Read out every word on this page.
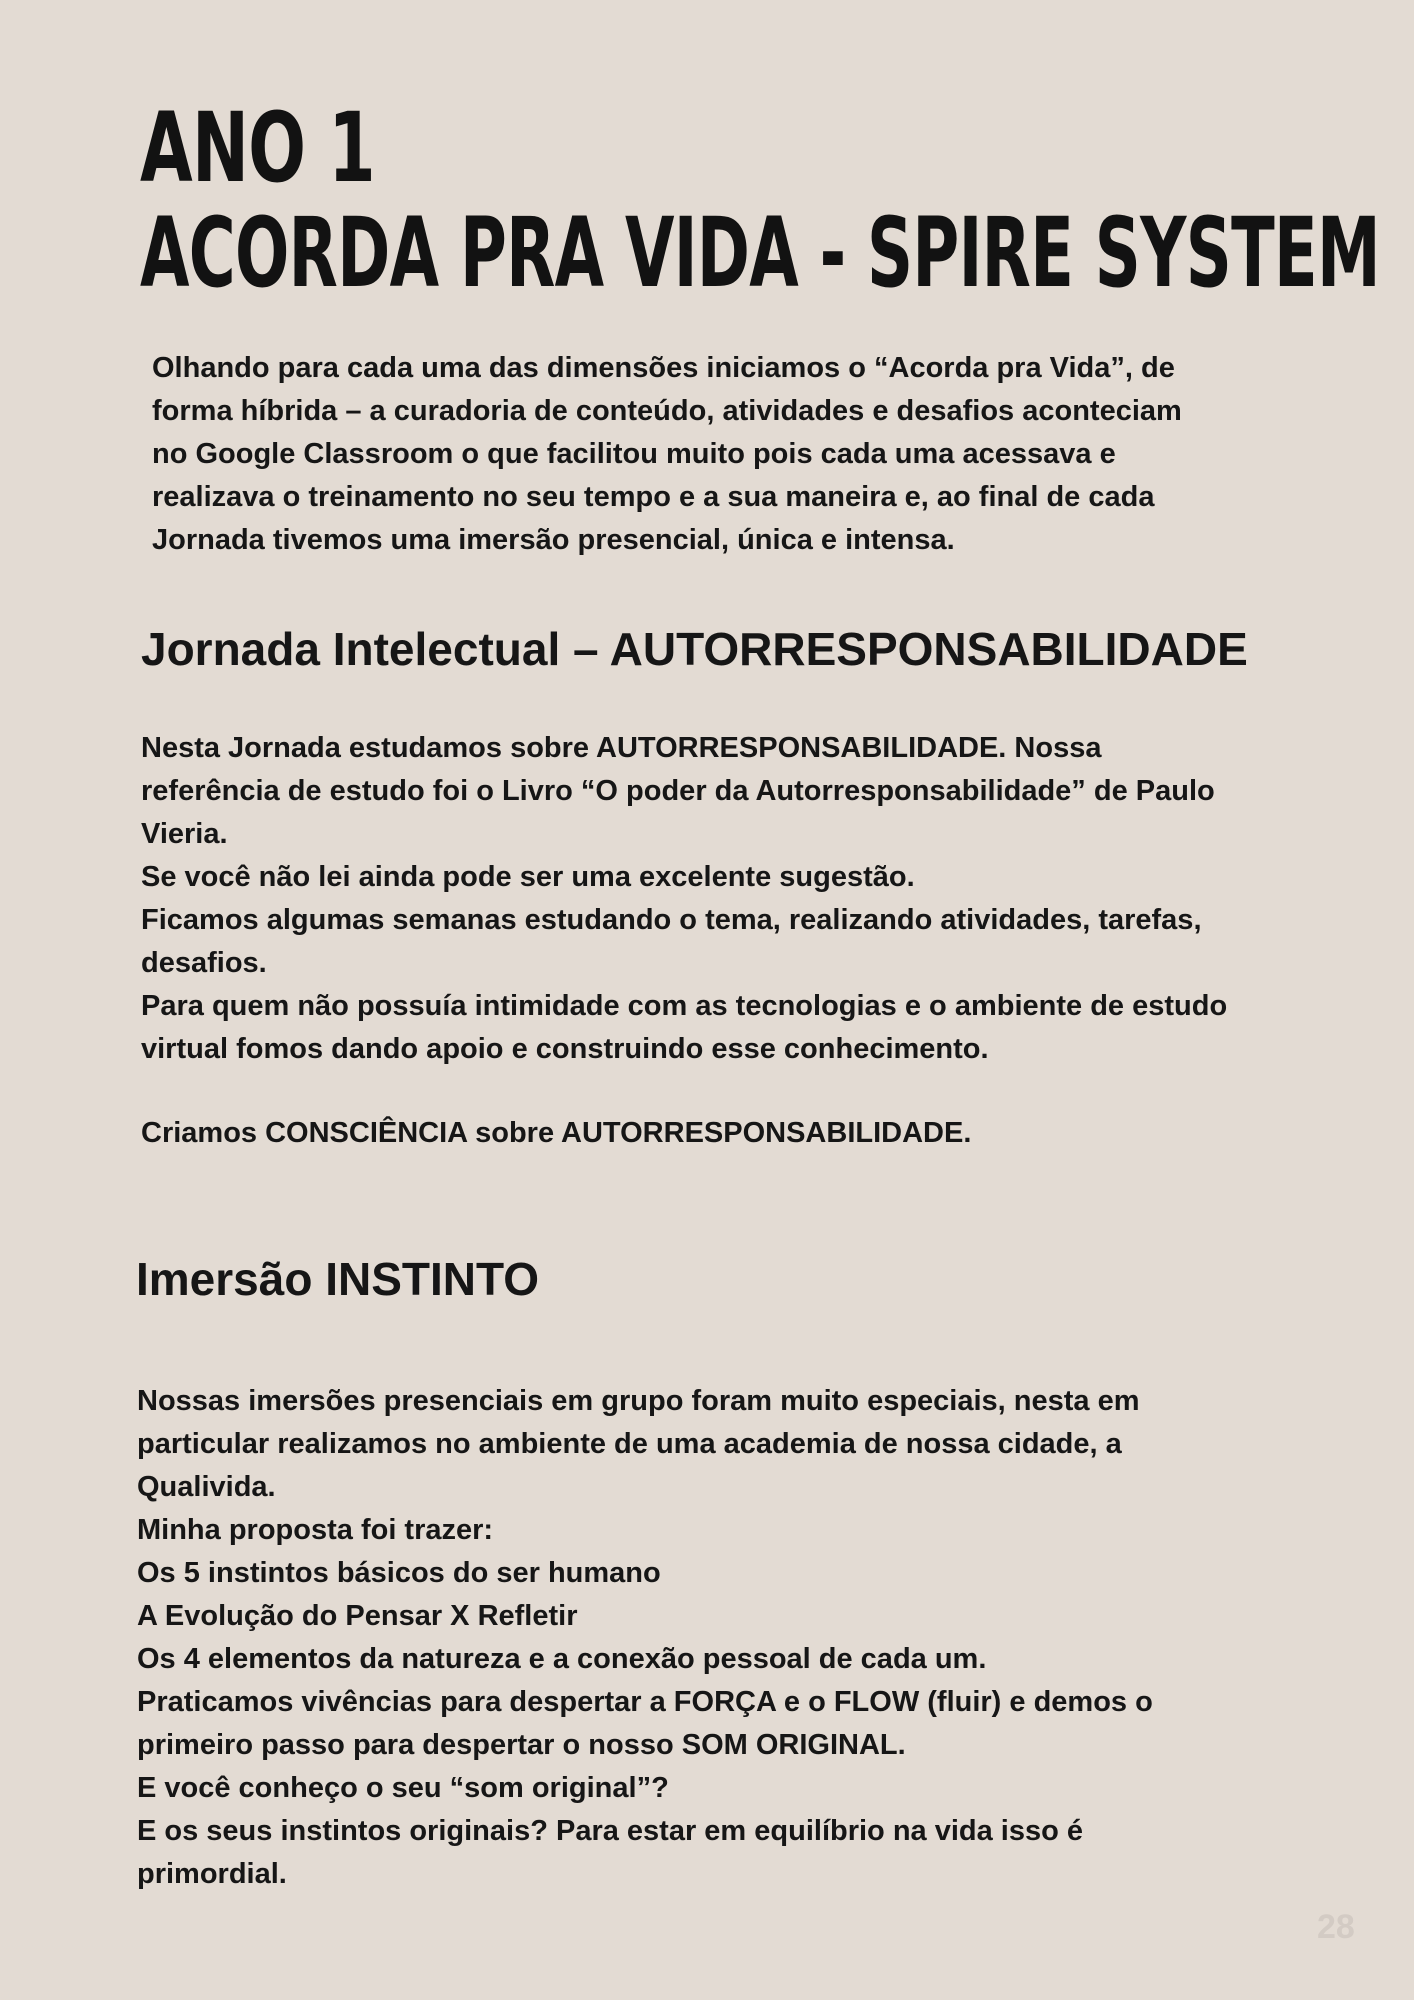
ANO 1
ACORDA PRA VIDA - SPIRE SYSTEM
Olhando para cada uma das dimensões iniciamos o “Acorda pra Vida”, de
forma híbrida – a curadoria de conteúdo, atividades e desafios aconteciam
no Google Classroom o que facilitou muito pois cada uma acessava e
realizava o treinamento no seu tempo e a sua maneira e, ao final de cada
Jornada tivemos uma imersão presencial, única e intensa.
Jornada Intelectual – AUTORRESPONSABILIDADE
Nesta Jornada estudamos sobre AUTORRESPONSABILIDADE. Nossa
referência de estudo foi o Livro “O poder da Autorresponsabilidade” de Paulo
Vieria.
Se você não lei ainda pode ser uma excelente sugestão.
Ficamos algumas semanas estudando o tema, realizando atividades, tarefas,
desafios.
Para quem não possuía intimidade com as tecnologias e o ambiente de estudo
virtual fomos dando apoio e construindo esse conhecimento.
Criamos CONSCIÊNCIA sobre AUTORRESPONSABILIDADE.
Imersão INSTINTO
Nossas imersões presenciais em grupo foram muito especiais, nesta em
particular realizamos no ambiente de uma academia de nossa cidade, a
Qualivida.
Minha proposta foi trazer:
Os 5 instintos básicos do ser humano
A Evolução do Pensar X Refletir
Os 4 elementos da natureza e a conexão pessoal de cada um.
Praticamos vivências para despertar a FORÇA e o FLOW (fluir) e demos o
primeiro passo para despertar o nosso SOM ORIGINAL.
E você conheço o seu “som original”?
E os seus instintos originais? Para estar em equilíbrio na vida isso é
primordial.

28
